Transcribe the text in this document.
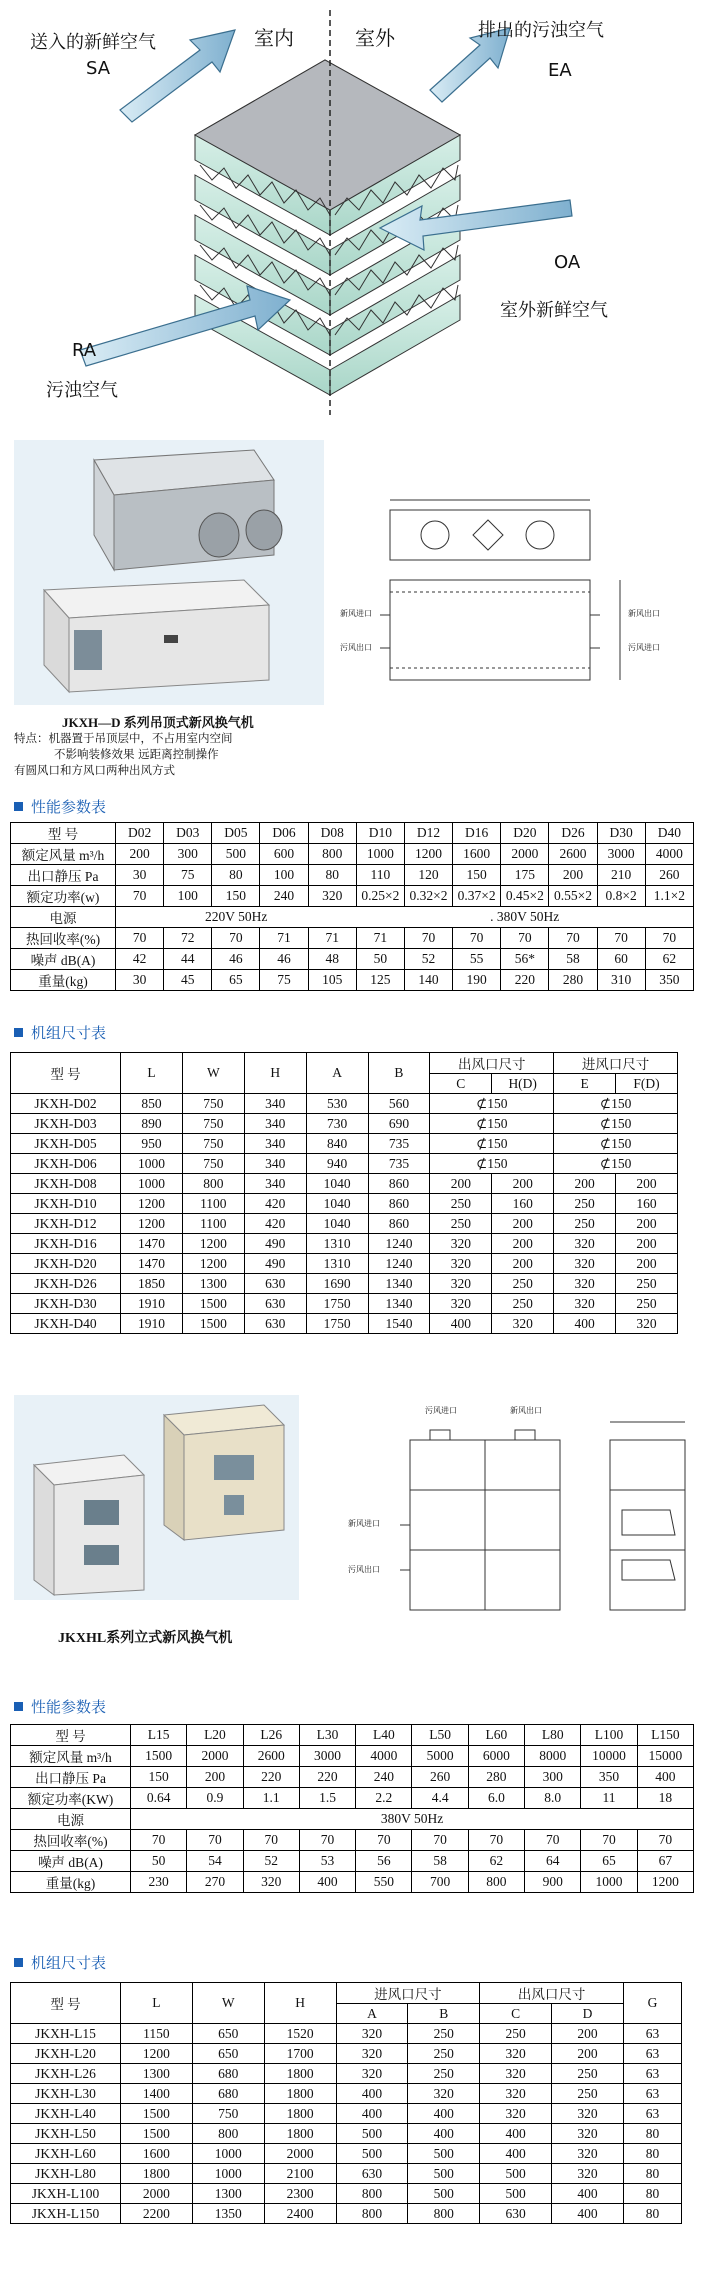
送入的新鲜空气
SA
室内	室外	排出的污浊空气
EA
OA
室外新鲜空气
RA
污浊空气
JKXH—D 系列吊顶式新风换气机
特点：机器置于吊顶层中，不占用室内空间
不影响装修效果 远距离控制操作
有圆风口和方风口两种出风方式
新风进口
污风出口
新风出口
污风进口
性能参数表
型 号	D02	D03	D05	D06	D08	D10	D12	D16	D20	D26	D30	D40
额定风量 m³/h	200	300	500	600	800	1000	1200	1600	2000	2600	3000	4000
出口静压 Pa	30	75	80	100	80	110	120	150	175	200	210	260
额定功率(w)	70	100	150	240	320	0.25×2	0.32×2	0.37×2	0.45×2	0.55×2	0.8×2	1.1×2
电源	220V 50Hz					. 380V 50Hz						
热回收率(%)	70	72	70	71	71	71	70	70	70	70	70	70
噪声 dB(A)	42	44	46	46	48	50	52	55	56*	58	60	62
重量(kg)	30	45	65	75	105	125	140	190	220	280	310	350
机组尺寸表
型 号	L	W	H	A	B	出风口尺寸		进风口尺寸	
						C	H(D)	E	F(D)
JKXH-D02	850	750	340	530	560	⊄150		⊄150	
JKXH-D03	890	750	340	730	690	⊄150		⊄150	
JKXH-D05	950	750	340	840	735	⊄150		⊄150	
JKXH-D06	1000	750	340	940	735	⊄150		⊄150	
JKXH-D08	1000	800	340	1040	860	200	200	200	200
JKXH-D10	1200	1100	420	1040	860	250	160	250	160
JKXH-D12	1200	1100	420	1040	860	250	200	250	200
JKXH-D16	1470	1200	490	1310	1240	320	200	320	200
JKXH-D20	1470	1200	490	1310	1240	320	200	320	200
JKXH-D26	1850	1300	630	1690	1340	320	250	320	250
JKXH-D30	1910	1500	630	1750	1340	320	250	320	250
JKXH-D40	1910	1500	630	1750	1540	400	320	400	320
JKXHL系列立式新风换气机
污风进口	新风出口
新风进口
污风出口
性能参数表
型 号	L15	L20	L26	L30	L40	L50	L60	L80	L100	L150
额定风量 m³/h	1500	2000	2600	3000	4000	5000	6000	8000	10000	15000
出口静压 Pa	150	200	220	220	240	260	280	300	350	400
额定功率(KW)	0.64	0.9	1.1	1.5	2.2	4.4	6.0	8.0	11	18
电源	380V 50Hz									
热回收率(%)	70	70	70	70	70	70	70	70	70	70
噪声 dB(A)	50	54	52	53	56	58	62	64	65	67
重量(kg)	230	270	320	400	550	700	800	900	1000	1200
机组尺寸表
型 号	L	W	H	进风口尺寸		出风口尺寸		G
				A	B	C	D	
JKXH-L15	1150	650	1520	320	250	250	200	63
JKXH-L20	1200	650	1700	320	250	320	200	63
JKXH-L26	1300	680	1800	320	250	320	250	63
JKXH-L30	1400	680	1800	400	320	320	250	63
JKXH-L40	1500	750	1800	400	400	320	320	63
JKXH-L50	1500	800	1800	500	400	400	320	80
JKXH-L60	1600	1000	2000	500	500	400	320	80
JKXH-L80	1800	1000	2100	630	500	500	320	80
JKXH-L100	2000	1300	2300	800	500	500	400	80
JKXH-L150	2200	1350	2400	800	800	630	400	80
